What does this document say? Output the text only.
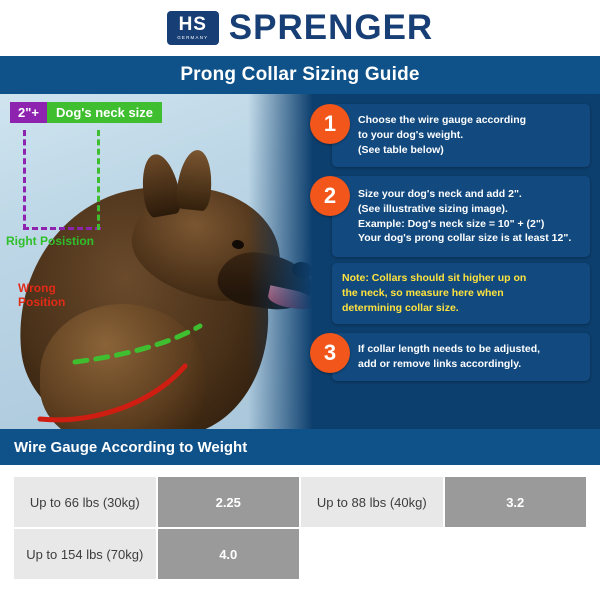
HS
GERMANY SPRENGER
Prong Collar Sizing Guide
2"+	Dog's neck size
Right Posistion
Wrong
Position
1	Choose the wire gauge according
to your dog's weight.
(See table below)
2	Size your dog's neck and add 2".
(See illustrative sizing image).
Example: Dog's neck size = 10" + (2")
Your dog's prong collar size is at least 12".
Note: Collars should sit higher up on
the neck, so measure here when
determining collar size.
3	If collar length needs to be adjusted,
add or remove links accordingly.
Wire Gauge According to Weight
Up to 66 lbs (30kg)	2.25	Up to 88 lbs (40kg)	3.2
Up to 154 lbs (70kg)	4.0		
